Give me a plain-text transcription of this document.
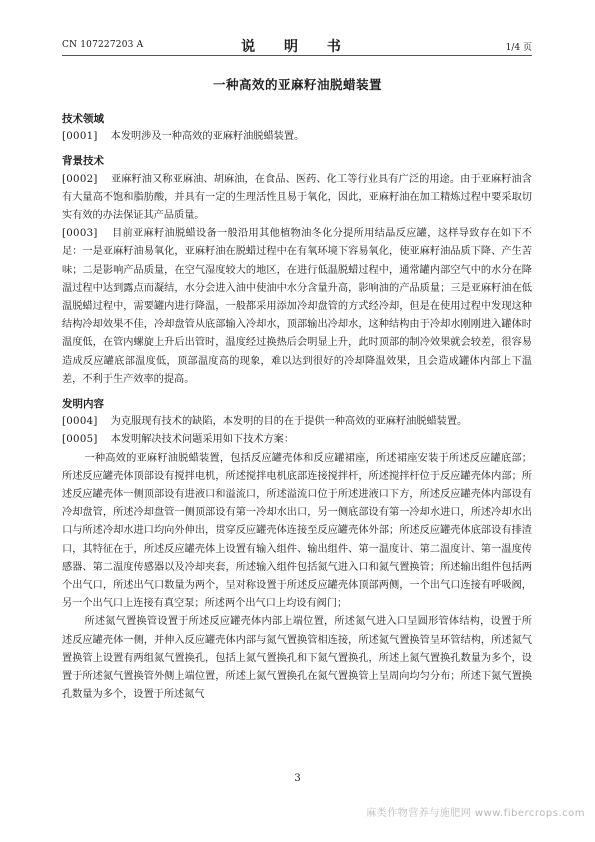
CN 107227203 A	说 明 书	1/4 页
一种高效的亚麻籽油脱蜡装置
技术领域

[0001] 本发明涉及一种高效的亚麻籽油脱蜡装置。

背景技术

[0002] 亚麻籽油又称亚麻油、胡麻油，在食品、医药、化工等行业具有广泛的用途。由于亚麻籽油含有大量高不饱和脂肪酸，并具有一定的生理活性且易于氧化，因此，亚麻籽油在加工精炼过程中要采取切实有效的办法保证其产品质量。

[0003] 目前亚麻籽油脱蜡设备一般沿用其他植物油冬化分提所用结晶反应罐，这样导致存在如下不足：一是亚麻籽油易氧化，亚麻籽油在脱蜡过程中在有氧环境下容易氧化，使亚麻籽油品质下降、产生苦味；二是影响产品质量，在空气湿度较大的地区，在进行低温脱蜡过程中，通常罐内部空气中的水分在降温过程中达到露点而凝结，水分会进入油中使油中水分含量升高，影响油的产品质量；三是亚麻籽油在低温脱蜡过程中，需要罐内进行降温，一般都采用添加冷却盘管的方式经冷却，但是在使用过程中发现这种结构冷却效果不佳，冷却盘管从底部输入冷却水，顶部输出冷却水，这种结构由于冷却水刚刚进入罐体时温度低，在管内螺旋上升后出管时，温度经过换热后会明显上升，此时顶部的制冷效果就会较差，很容易造成反应罐底部温度低，顶部温度高的现象，难以达到很好的冷却降温效果，且会造成罐体内部上下温差，不利于生产效率的提高。

发明内容

[0004] 为克服现有技术的缺陷，本发明的目的在于提供一种高效的亚麻籽油脱蜡装置。

[0005] 本发明解决技术问题采用如下技术方案：

一种高效的亚麻籽油脱蜡装置，包括反应罐壳体和反应罐裙座，所述裙座安装于所述反应罐底部；所述反应罐壳体顶部设有搅拌电机，所述搅拌电机底部连接搅拌杆，所述搅拌杆位于反应罐壳体内部；所述反应罐壳体一侧顶部设有进液口和溢流口，所述溢流口位于所述进液口下方，所述反应罐壳体内部设有冷却盘管，所述冷却盘管一侧顶部设有第一冷却水出口，另一侧底部设有第一冷却水进口，所述冷却水出口与所述冷却水进口均向外伸出，贯穿反应罐壳体连接至反应罐壳体外部；所述反应罐壳体底部设有排渣口，其特征在于，所述反应罐壳体上设置有输入组件、输出组件、第一温度计、第二温度计、第一温度传感器、第二温度传感器以及冷却夹套，所述输入组件包括氮气进入口和氮气置换管；所述输出组件包括两个出气口，所述出气口数量为两个，呈对称设置于所述反应罐壳体顶部两侧，一个出气口连接有呼吸阀，另一个出气口上连接有真空泵；所述两个出气口上均设有阀门；

所述氮气置换管设置于所述反应罐壳体内部上端位置，所述氮气进入口呈圆形管体结构，设置于所述反应罐壳体一侧，并伸入反应罐壳体内部与氮气置换管相连接，所述氮气置换管呈环管结构，所述氮气置换管上设置有两组氮气置换孔，包括上氮气置换孔和下氮气置换孔，所述上氮气置换孔数量为多个，设置于所述氮气置换管外侧上端位置，所述上氮气置换孔在氮气置换管上呈周向均匀分布；所述下氮气置换孔数量为多个，设置于所述氮气

3
麻类作物营养与施肥网 www.fibercrops.com
